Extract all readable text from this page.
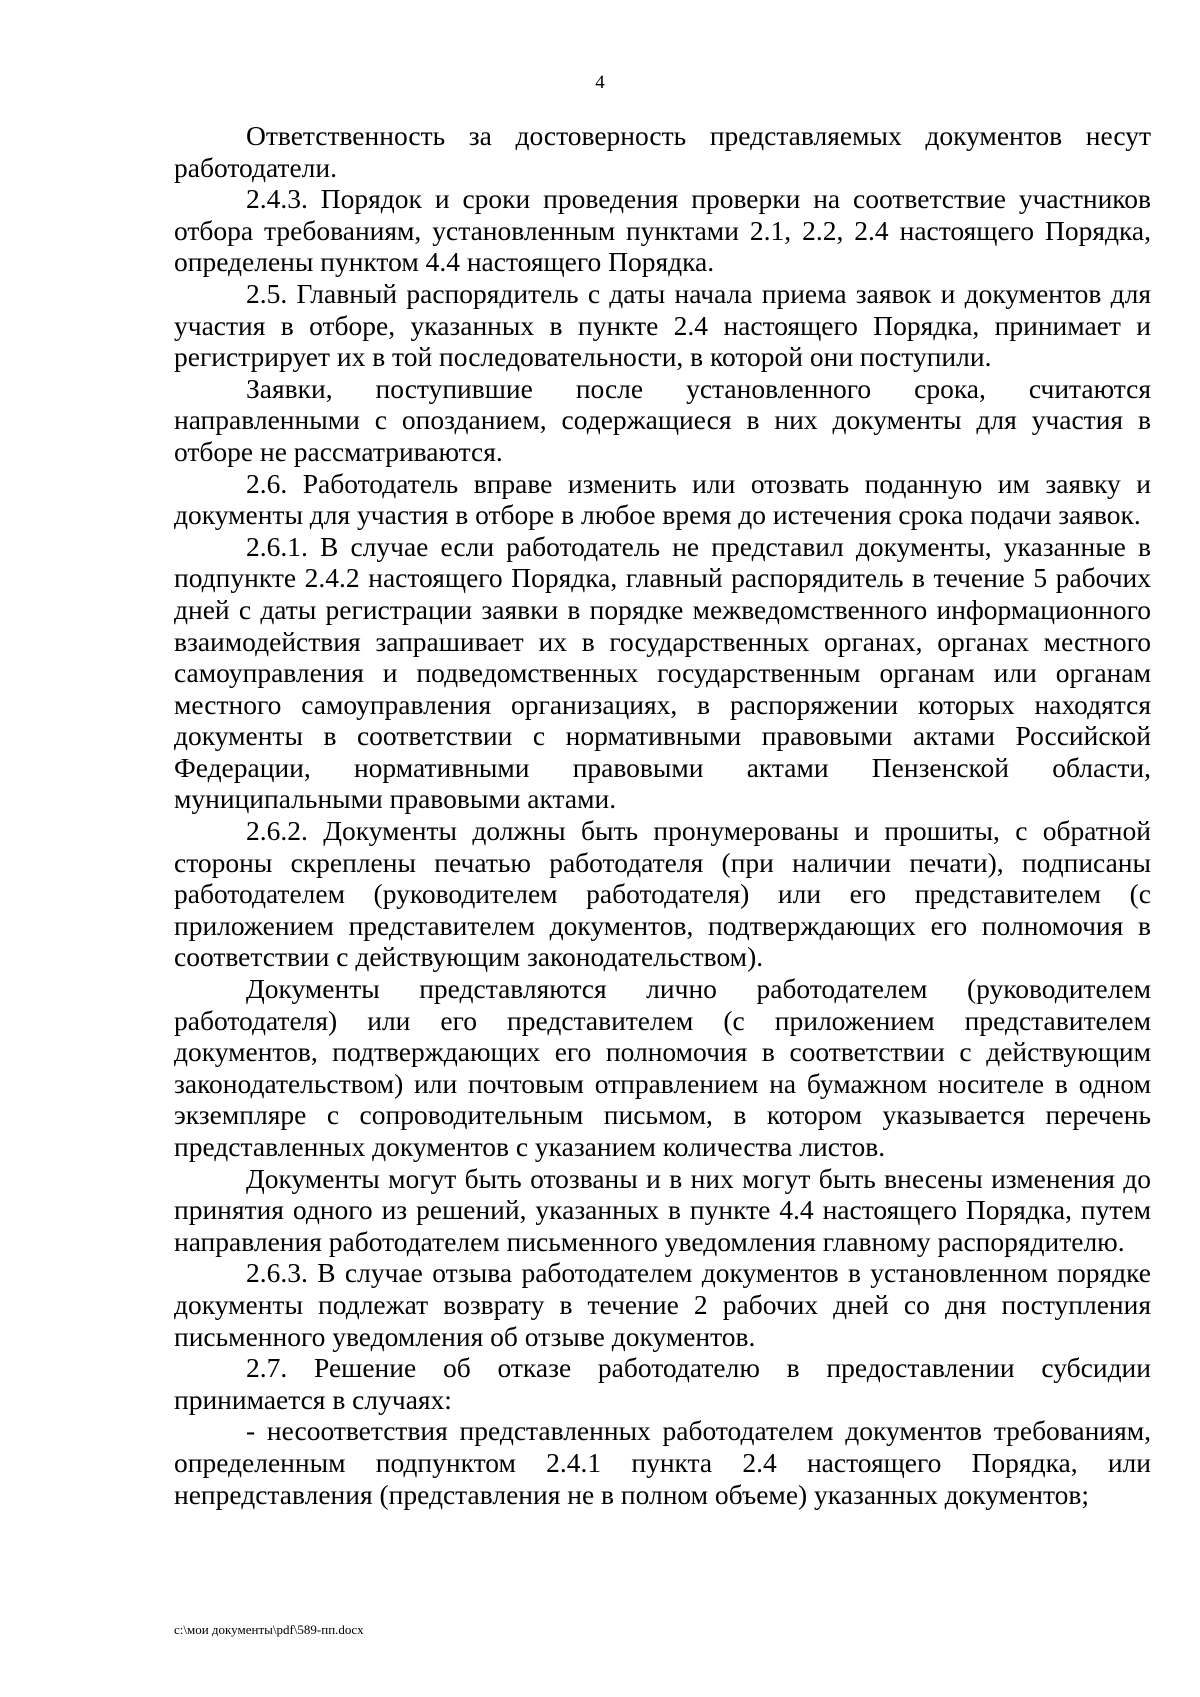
4

Ответственность за достоверность представляемых документов несут работодатели.

2.4.3. Порядок и сроки проведения проверки на соответствие участников отбора требованиям, установленным пунктами 2.1, 2.2, 2.4 настоящего Порядка, определены пунктом 4.4 настоящего Порядка.

2.5. Главный распорядитель с даты начала приема заявок и документов для участия в отборе, указанных в пункте 2.4 настоящего Порядка, принимает и регистрирует их в той последовательности, в которой они поступили.

Заявки, поступившие после установленного срока, считаются направленными с опозданием, содержащиеся в них документы для участия в отборе не рассматриваются.

2.6. Работодатель вправе изменить или отозвать поданную им заявку и документы для участия в отборе в любое время до истечения срока подачи заявок.

2.6.1. В случае если работодатель не представил документы, указанные в подпункте 2.4.2 настоящего Порядка, главный распорядитель в течение 5 рабочих дней с даты регистрации заявки в порядке межведомственного информационного взаимодействия запрашивает их в государственных органах, органах местного самоуправления и подведомственных государственным органам или органам местного самоуправления организациях, в распоряжении которых находятся документы в соответствии с нормативными правовыми актами Российской Федерации, нормативными правовыми актами Пензенской области, муниципальными правовыми актами.

2.6.2. Документы должны быть пронумерованы и прошиты, с обратной стороны скреплены печатью работодателя (при наличии печати), подписаны работодателем (руководителем работодателя) или его представителем (с приложением представителем документов, подтверждающих его полномочия в соответствии с действующим законодательством).

Документы представляются лично работодателем (руководителем работодателя) или его представителем (с приложением представителем документов, подтверждающих его полномочия в соответствии с действующим законодательством) или почтовым отправлением на бумажном носителе в одном экземпляре с сопроводительным письмом, в котором указывается перечень представленных документов с указанием количества листов.

Документы могут быть отозваны и в них могут быть внесены изменения до принятия одного из решений, указанных в пункте 4.4 настоящего Порядка, путем направления работодателем письменного уведомления главному распорядителю.

2.6.3. В случае отзыва работодателем документов в установленном порядке документы подлежат возврату в течение 2 рабочих дней со дня поступления письменного уведомления об отзыве документов.

2.7. Решение об отказе работодателю в предоставлении субсидии принимается в случаях:

- несоответствия представленных работодателем документов требованиям, определенным подпунктом 2.4.1 пункта 2.4 настоящего Порядка, или непредставления (представления не в полном объеме) указанных документов;

c:\мои документы\pdf\589-пп.docx
